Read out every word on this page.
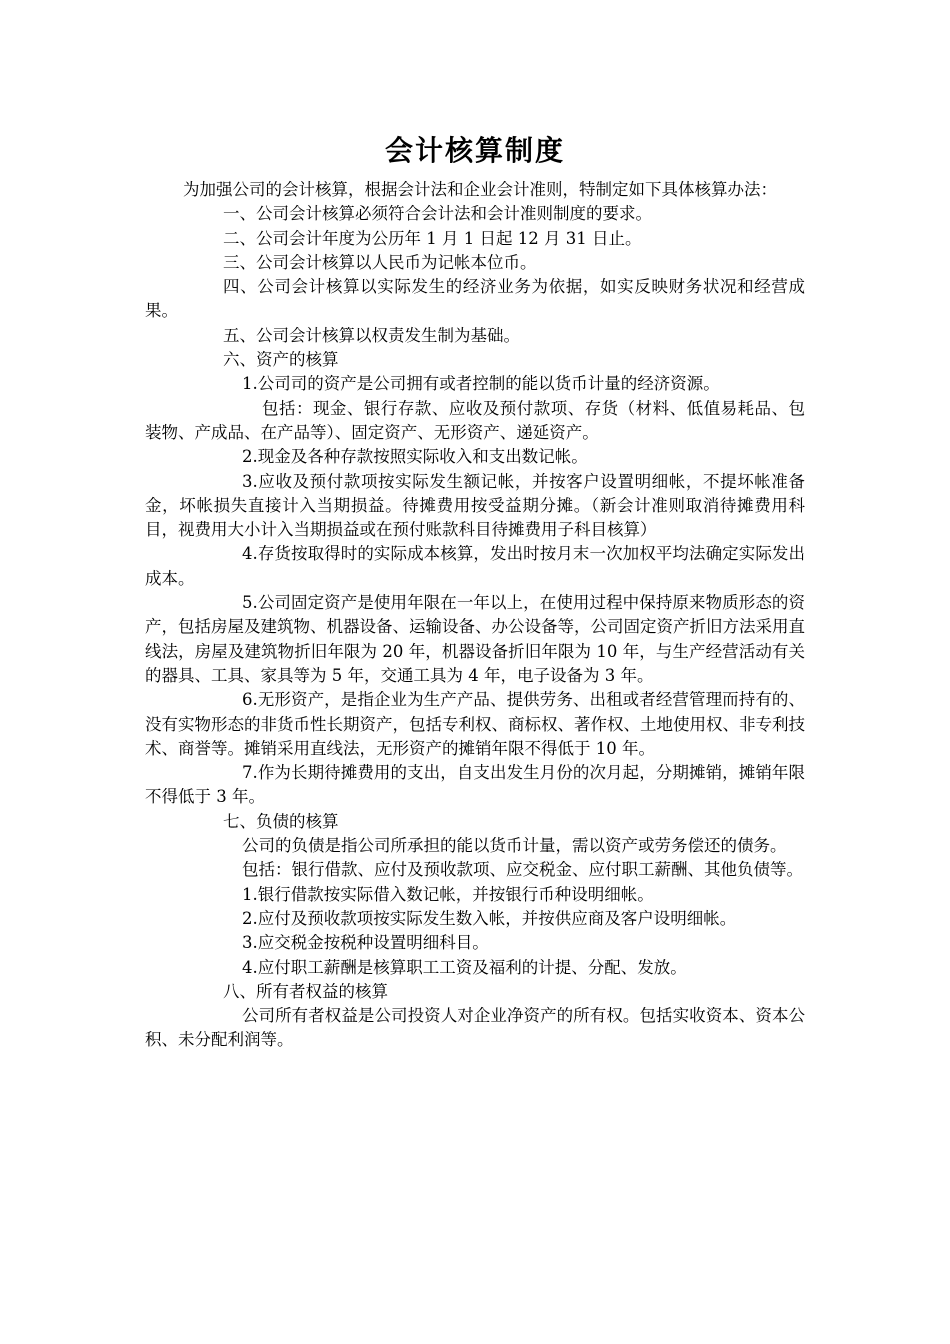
会计核算制度

为加强公司的会计核算，根据会计法和企业会计准则，特制定如下具体核算办法：

一、公司会计核算必须符合会计法和会计准则制度的要求。

二、公司会计年度为公历年 1 月 1 日起 12 月 31 日止。

三、公司会计核算以人民币为记帐本位币。

四、公司会计核算以实际发生的经济业务为依据，如实反映财务状况和经营成果。

五、公司会计核算以权责发生制为基础。

六、资产的核算

1.公司司的资产是公司拥有或者控制的能以货币计量的经济资源。

包括：现金、银行存款、应收及预付款项、存货（材料、低值易耗品、包装物、产成品、在产品等）、固定资产、无形资产、递延资产。

2.现金及各种存款按照实际收入和支出数记帐。

3.应收及预付款项按实际发生额记帐，并按客户设置明细帐，不提坏帐准备金，坏帐损失直接计入当期损益。待摊费用按受益期分摊。（新会计准则取消待摊费用科目，视费用大小计入当期损益或在预付账款科目待摊费用子科目核算）

4.存货按取得时的实际成本核算，发出时按月末一次加权平均法确定实际发出成本。

5.公司固定资产是使用年限在一年以上，在使用过程中保持原来物质形态的资产，包括房屋及建筑物、机器设备、运输设备、办公设备等，公司固定资产折旧方法采用直线法，房屋及建筑物折旧年限为 20 年，机器设备折旧年限为 10 年，与生产经营活动有关的器具、工具、家具等为 5 年，交通工具为 4 年，电子设备为 3 年。

6.无形资产，是指企业为生产产品、提供劳务、出租或者经营管理而持有的、没有实物形态的非货币性长期资产，包括专利权、商标权、著作权、土地使用权、非专利技术、商誉等。摊销采用直线法，无形资产的摊销年限不得低于 10 年。

7.作为长期待摊费用的支出，自支出发生月份的次月起，分期摊销，摊销年限不得低于 3 年。

七、负债的核算

公司的负债是指公司所承担的能以货币计量，需以资产或劳务偿还的债务。

包括：银行借款、应付及预收款项、应交税金、应付职工薪酬、其他负债等。

1.银行借款按实际借入数记帐，并按银行币种设明细帐。

2.应付及预收款项按实际发生数入帐，并按供应商及客户设明细帐。

3.应交税金按税种设置明细科目。

4.应付职工薪酬是核算职工工资及福利的计提、分配、发放。

八、所有者权益的核算

公司所有者权益是公司投资人对企业净资产的所有权。包括实收资本、资本公积、未分配利润等。
